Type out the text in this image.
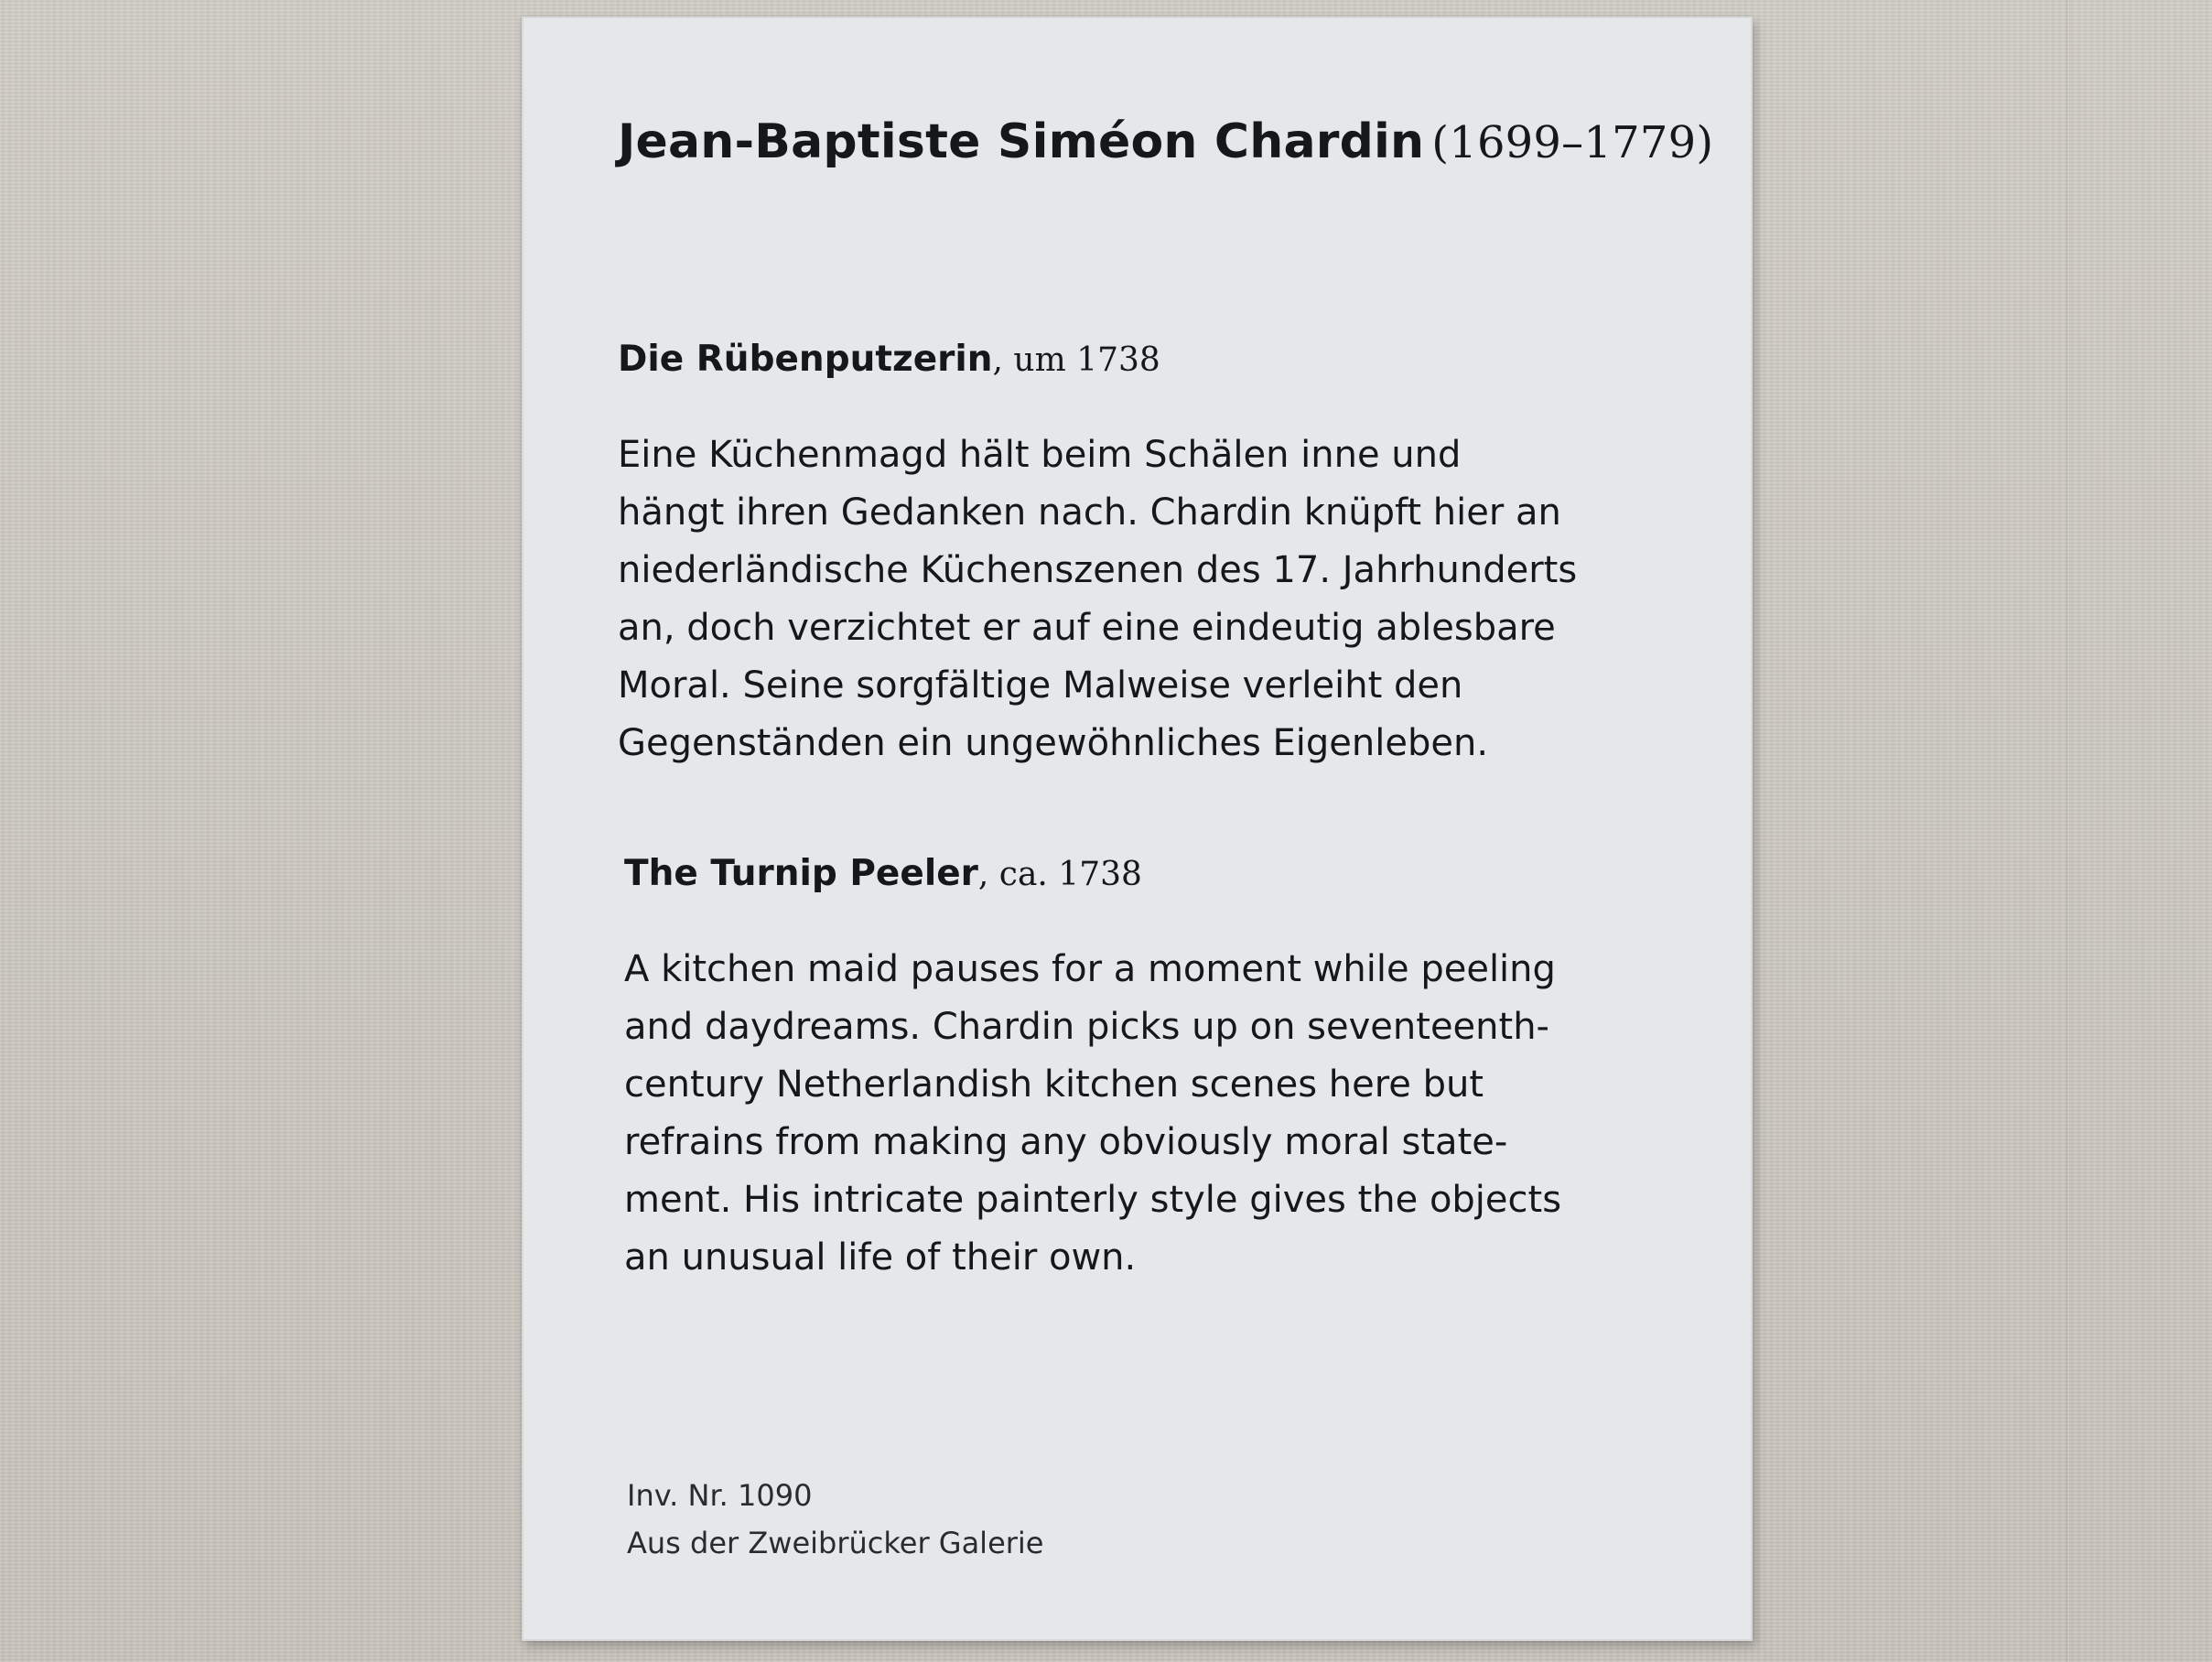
Jean-Baptiste Siméon Chardin (1699–1779)
Die Rübenputzerin, um 1738

Eine Küchenmagd hält beim Schälen inne und
hängt ihren Gedanken nach. Chardin knüpft hier an
niederländische Küchenszenen des 17. Jahrhunderts
an, doch verzichtet er auf eine eindeutig ablesbare
Moral. Seine sorgfältige Malweise verleiht den
Gegenständen ein ungewöhnliches Eigenleben.

The Turnip Peeler, ca. 1738

A kitchen maid pauses for a moment while peeling
and daydreams. Chardin picks up on seventeenth-
century Netherlandish kitchen scenes here but
refrains from making any obviously moral state-
ment. His intricate painterly style gives the objects
an unusual life of their own.

Inv. Nr. 1090
Aus der Zweibrücker Galerie
